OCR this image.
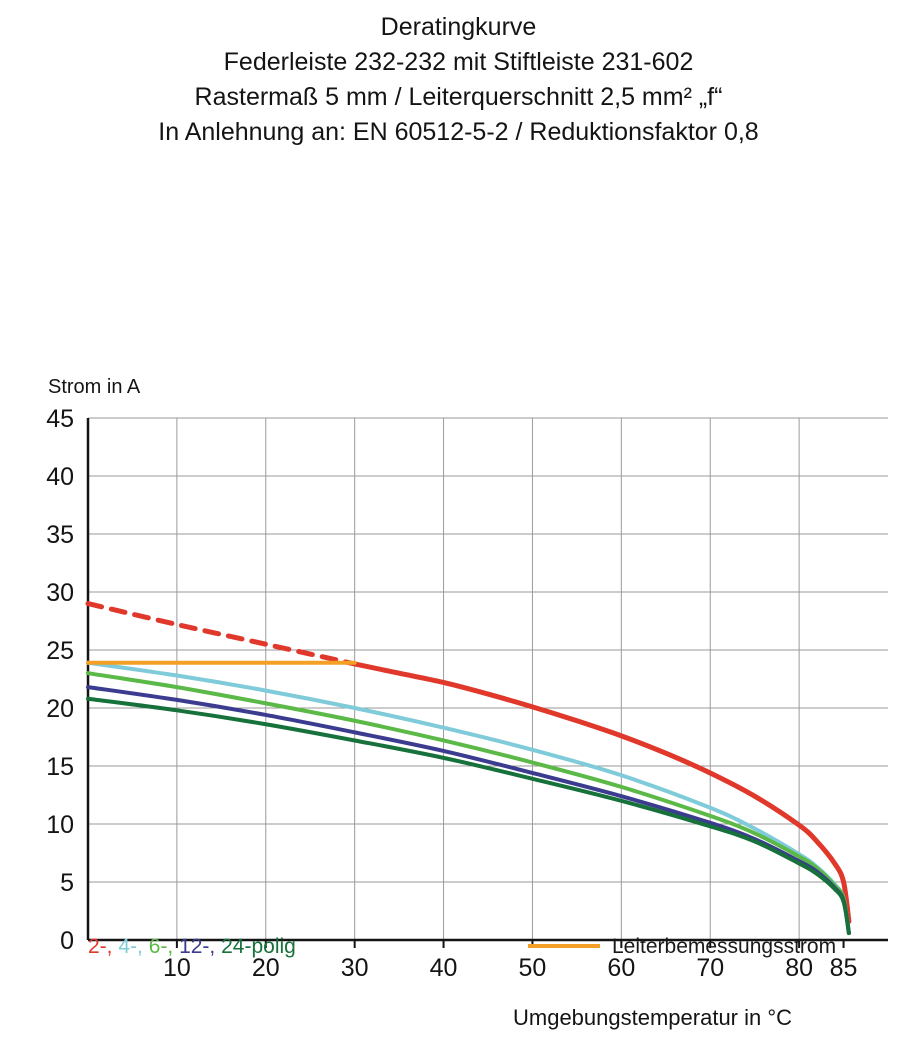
Deratingkurve
Federleiste 232-232 mit Stiftleiste 231-602
Rastermaß 5 mm / Leiterquerschnitt 2,5 mm² „f“
In Anlehnung an: EN 60512-5-2 / Reduktionsfaktor 0,8
Strom in A
Umgebungstemperatur in °C
0
5
10
15
20
25
30
35
40
45
10 20 30 40 50 60 70 80 85
2-, 4-, 6-, 12-, 24-polig	Leiterbemessungsstrom
